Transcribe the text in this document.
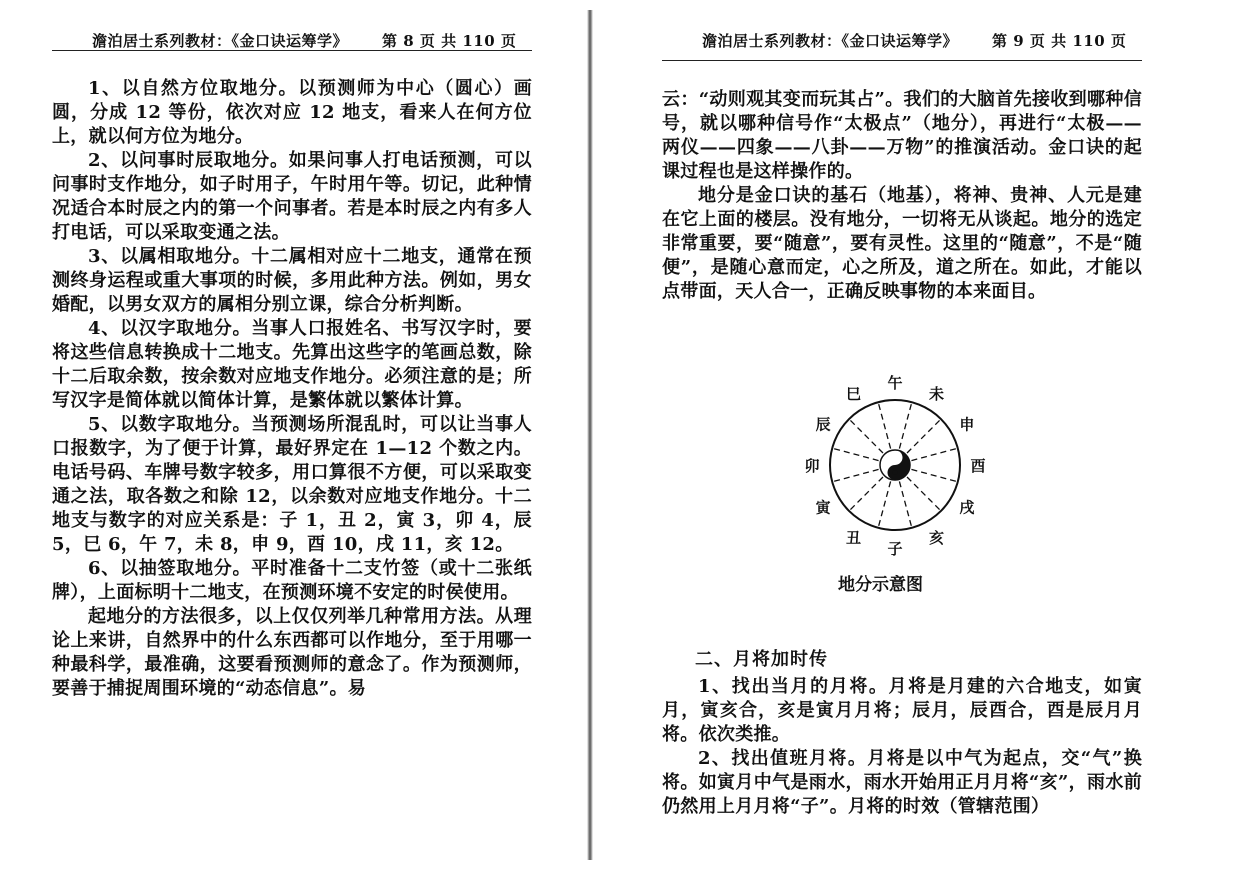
澹泊居士系列教材：《金口诀运筹学》 第 8 页 共 110 页

1、以自然方位取地分。以预测师为中心（圆心）画圆，分成 12 等份，依次对应 12 地支，看来人在何方位上，就以何方位为地分。

2、以问事时辰取地分。如果问事人打电话预测，可以问事时支作地分，如子时用子，午时用午等。切记，此种情况适合本时辰之内的第一个问事者。若是本时辰之内有多人打电话，可以采取变通之法。

3、以属相取地分。十二属相对应十二地支，通常在预测终身运程或重大事项的时候，多用此种方法。例如，男女婚配，以男女双方的属相分别立课，综合分析判断。

4、以汉字取地分。当事人口报姓名、书写汉字时，要将这些信息转换成十二地支。先算出这些字的笔画总数，除十二后取余数，按余数对应地支作地分。必须注意的是；所写汉字是简体就以简体计算，是繁体就以繁体计算。

5、以数字取地分。当预测场所混乱时，可以让当事人口报数字，为了便于计算，最好界定在 1—12 个数之内。电话号码、车牌号数字较多，用口算很不方便，可以采取变通之法，取各数之和除 12，以余数对应地支作地分。十二地支与数字的对应关系是：子 1，丑 2，寅 3，卯 4，辰 5，巳 6，午 7，未 8，申 9，酉 10，戌 11，亥 12。

6、以抽签取地分。平时准备十二支竹签（或十二张纸牌），上面标明十二地支，在预测环境不安定的时侯使用。

起地分的方法很多，以上仅仅列举几种常用方法。从理论上来讲，自然界中的什么东西都可以作地分，至于用哪一种最科学，最准确，这要看预测师的意念了。作为预测师，要善于捕捉周围环境的“动态信息”。易

澹泊居士系列教材：《金口诀运筹学》 第 9 页 共 110 页

云：“动则观其变而玩其占”。我们的大脑首先接收到哪种信号，就以哪种信号作“太极点”（地分），再进行“太极——两仪——四象——八卦——万物”的推演活动。金口诀的起课过程也是这样操作的。

地分是金口诀的基石（地基），将神、贵神、人元是建在它上面的楼层。没有地分，一切将无从谈起。地分的选定非常重要，要“随意”，要有灵性。这里的“随意”，不是“随便”，是随心意而定，心之所及，道之所在。如此，才能以点带面，天人合一，正确反映事物的本来面目。

子
丑
寅
卯
辰
巳
午
未
申
酉
戌
亥
地分示意图
二、月将加时传

1、找出当月的月将。月将是月建的六合地支，如寅月，寅亥合，亥是寅月月将；辰月，辰酉合，酉是辰月月将。依次类推。

2、找出值班月将。月将是以中气为起点，交“气”换将。如寅月中气是雨水，雨水开始用正月月将“亥”，雨水前仍然用上月月将“子”。月将的时效（管辖范围）
